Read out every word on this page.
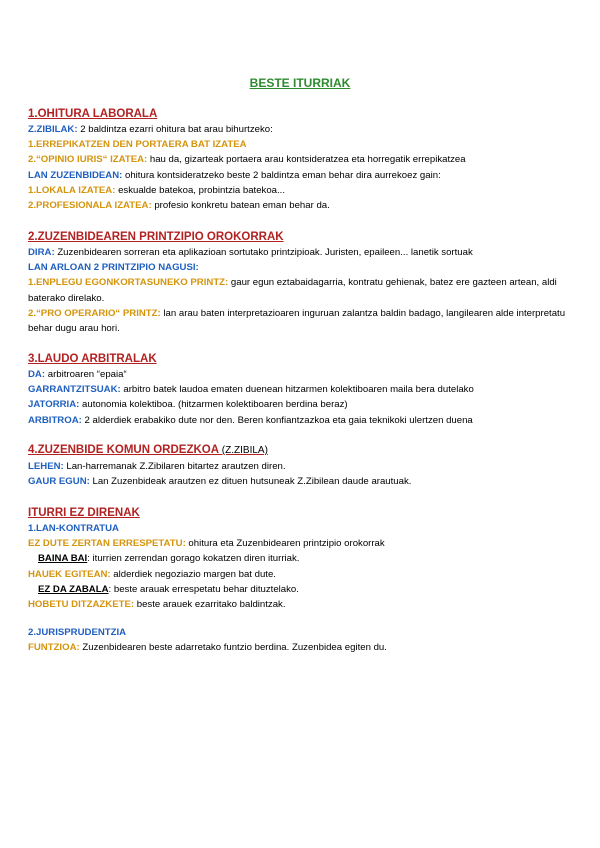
BESTE ITURRIAK
1.OHITURA LABORALA
Z.ZIBILAK: 2 baldintza ezarri ohitura bat arau bihurtzeko:
1.ERREPIKATZEN DEN PORTAERA BAT IZATEA
2.“OPINIO IURIS“ IZATEA: hau da, gizarteak portaera arau kontsideratzea eta horregatik errepikatzea
LAN ZUZENBIDEAN: ohitura kontsideratzeko beste 2 baldintza eman behar dira aurrekoez gain:
1.LOKALA IZATEA: eskualde batekoa, probintzia batekoa...
2.PROFESIONALA IZATEA: profesio konkretu batean eman behar da.
2.ZUZENBIDEAREN PRINTZIPIO OROKORRAK
DIRA: Zuzenbidearen sorreran eta aplikazioan sortutako printzipioak. Juristen, epaileen... lanetik sortuak
LAN ARLOAN 2 PRINTZIPIO NAGUSI:
1.ENPLEGU EGONKORTASUNEKO PRINTZ: gaur egun eztabaidagarria, kontratu gehienak, batez ere gazteen artean, aldi baterako direlako.
2.“PRO OPERARIO“ PRINTZ: lan arau baten interpretazioaren inguruan zalantza baldin badago, langilearen alde interpretatu behar dugu arau hori.
3.LAUDO ARBITRALAK
DA: arbitroaren “epaia“
GARRANTZITSUAK: arbitro batek laudoa ematen duenean hitzarmen kolektiboaren maila bera dutelako
JATORRIA: autonomia kolektiboa. (hitzarmen kolektiboaren berdina beraz)
ARBITROA: 2 alderdiek erabakiko dute nor den. Beren konfiantzazkoa eta gaia teknikoki ulertzen duena
4.ZUZENBIDE KOMUN ORDEZKOA (Z.ZIBILA)
LEHEN: Lan-harremanak Z.Zibilaren bitartez arautzen diren.
GAUR EGUN: Lan Zuzenbideak arautzen ez dituen hutsuneak Z.Zibilean daude arautuak.
ITURRI EZ DIRENAK
1.LAN-KONTRATUA
EZ DUTE ZERTAN ERRESPETATU: ohitura eta Zuzenbidearen printzipio orokorrak
BAINA BAI: iturrien zerrendan gorago kokatzen diren iturriak.
HAUEK EGITEAN: alderdiek negoziazio margen bat dute.
EZ DA ZABALA: beste arauak errespetatu behar dituztelako.
HOBETU DITZAZKETE: beste arauek ezarritako baldintzak.
2.JURISPRUDENTZIA
FUNTZIOA: Zuzenbidearen beste adarretako funtzio berdina. Zuzenbidea egiten du.
